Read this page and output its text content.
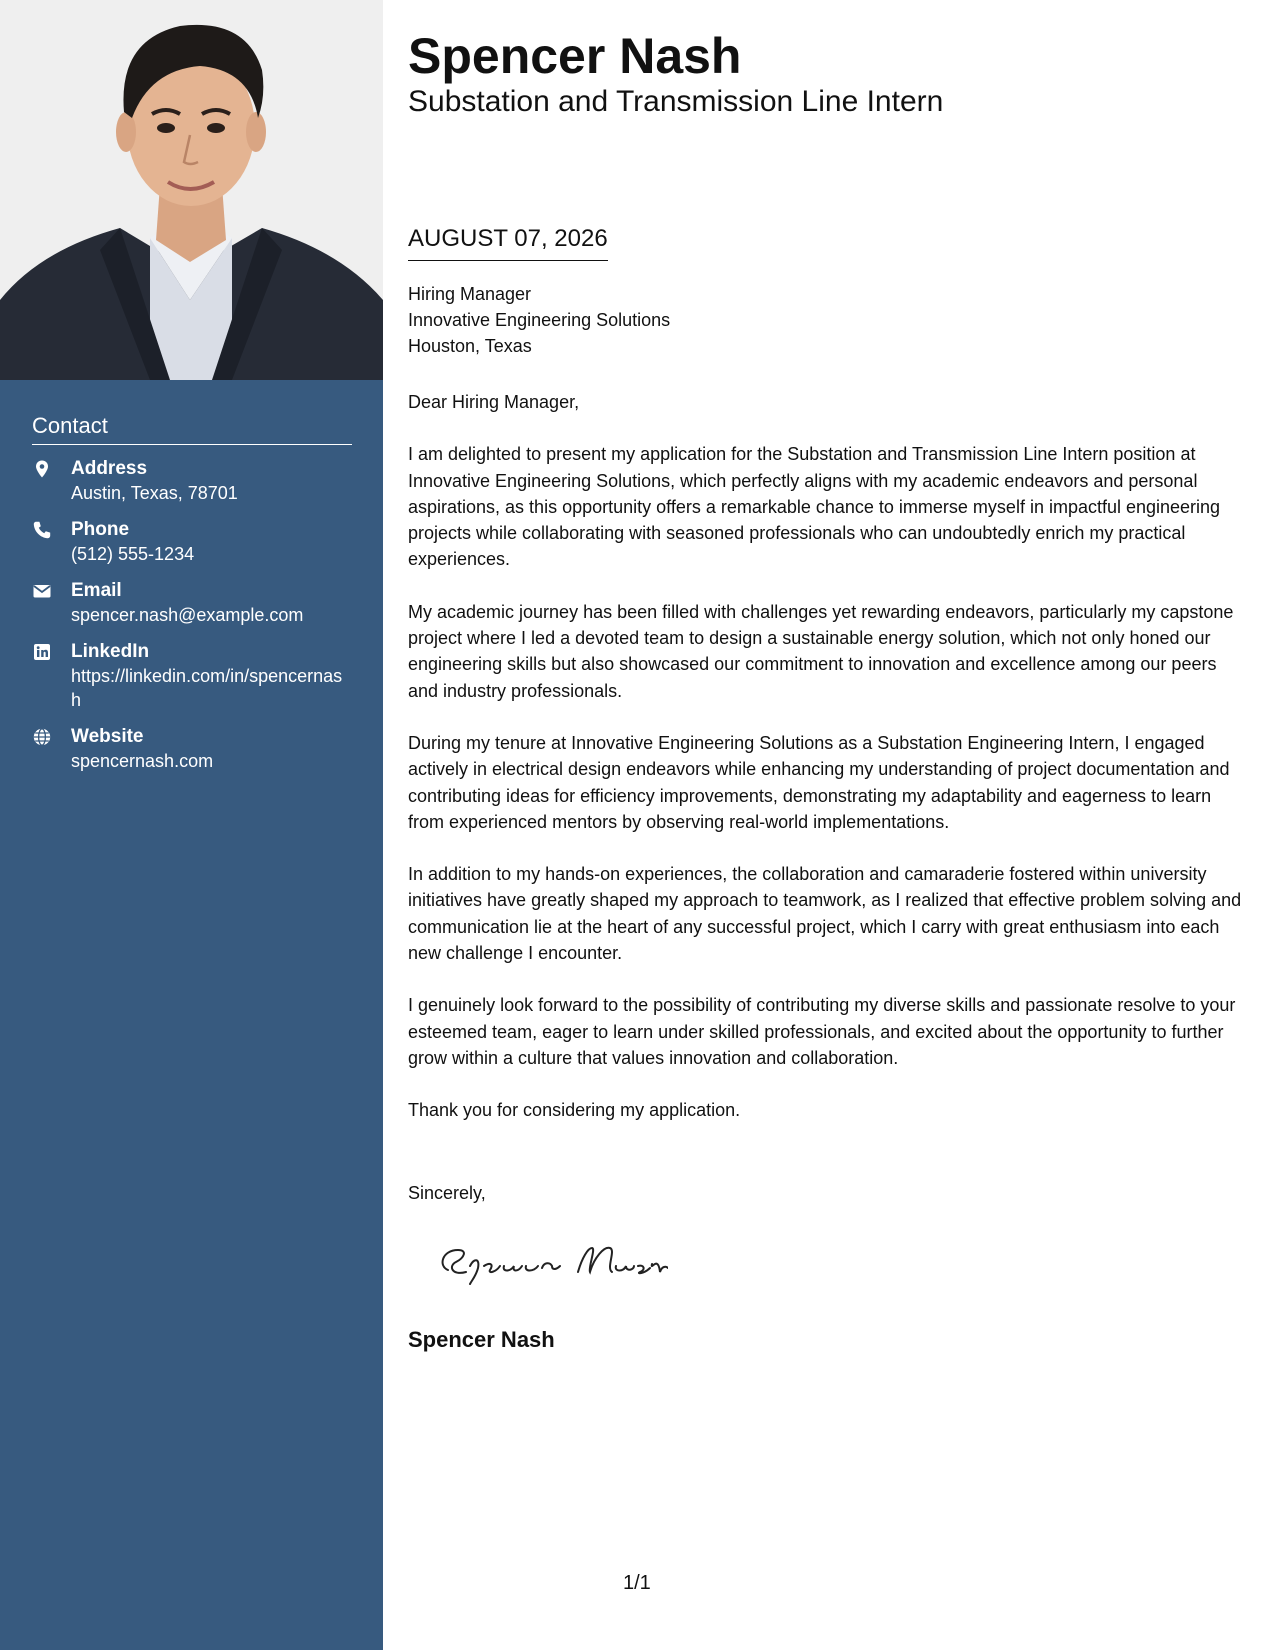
Contact
Address
Austin, Texas, 78701
Phone
(512) 555-1234
Email
spencer.nash@example.com
LinkedIn
https://linkedin.com/in/spencernash
Website
spencernash.com
Spencer Nash
Substation and Transmission Line Intern
AUGUST 07, 2026
Hiring Manager
Innovative Engineering Solutions
Houston, Texas

Dear Hiring Manager,

I am delighted to present my application for the Substation and Transmission Line Intern position at Innovative Engineering Solutions, which perfectly aligns with my academic endeavors and personal aspirations, as this opportunity offers a remarkable chance to immerse myself in impactful engineering projects while collaborating with seasoned professionals who can undoubtedly enrich my practical experiences.

My academic journey has been filled with challenges yet rewarding endeavors, particularly my capstone project where I led a devoted team to design a sustainable energy solution, which not only honed our engineering skills but also showcased our commitment to innovation and excellence among our peers and industry professionals.

During my tenure at Innovative Engineering Solutions as a Substation Engineering Intern, I engaged actively in electrical design endeavors while enhancing my understanding of project documentation and contributing ideas for efficiency improvements, demonstrating my adaptability and eagerness to learn from experienced mentors by observing real-world implementations.

In addition to my hands-on experiences, the collaboration and camaraderie fostered within university initiatives have greatly shaped my approach to teamwork, as I realized that effective problem solving and communication lie at the heart of any successful project, which I carry with great enthusiasm into each new challenge I encounter.

I genuinely look forward to the possibility of contributing my diverse skills and passionate resolve to your esteemed team, eager to learn under skilled professionals, and excited about the opportunity to further grow within a culture that values innovation and collaboration.

Thank you for considering my application.

Sincerely,
Spencer Nash
1/1
